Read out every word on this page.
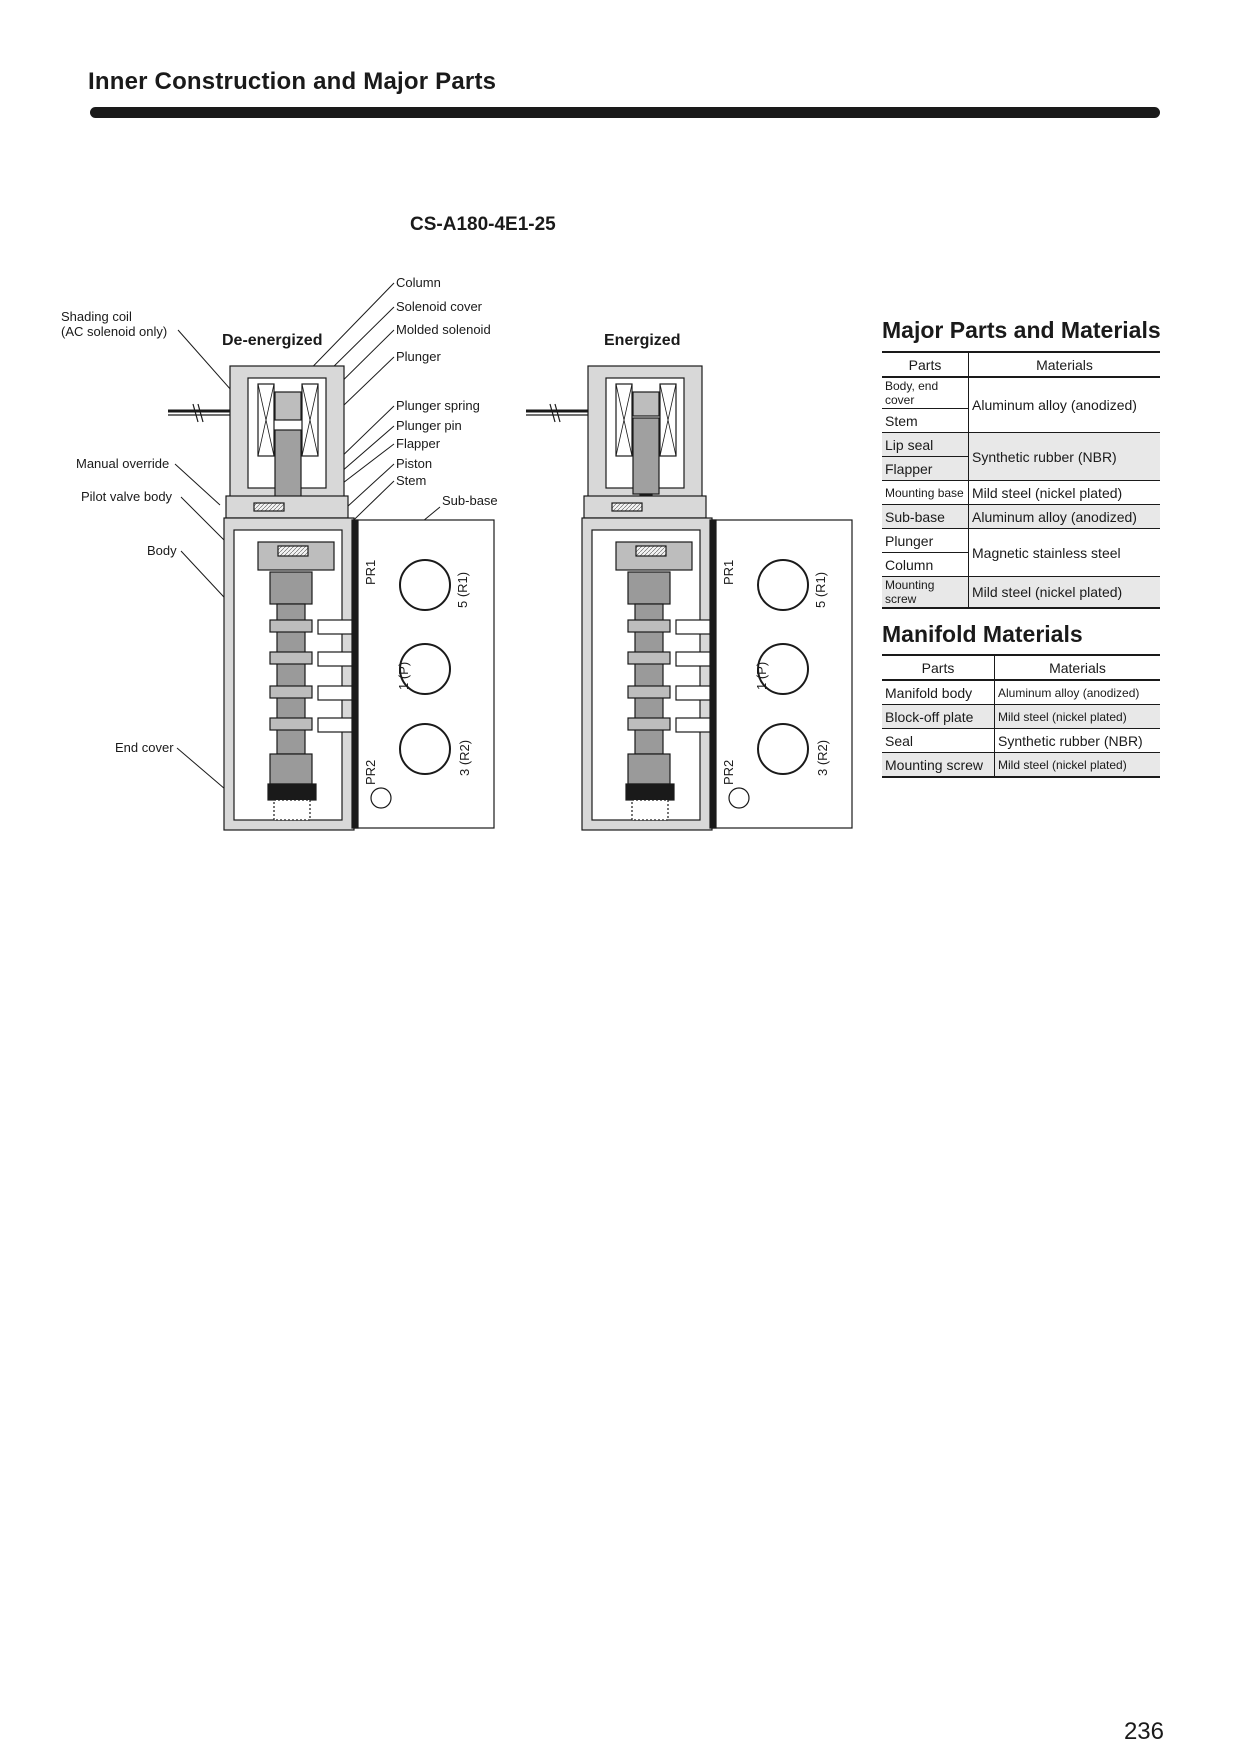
Inner Construction and Major Parts
CS-A180-4E1-25
De-energized	Energized
Shading coil
(AC solenoid only)
Manual override
Pilot valve body
Body
End cover
Column
Solenoid cover
Molded solenoid
Plunger
Plunger spring
Plunger pin
Flapper
Piston
Stem
Sub-base
PR1	5 (R1)
1 (P)
PR2	3 (R2)
PR1	5 (R1)
1 (P)
PR2	3 (R2)
Major Parts and Materials
Parts	Materials
Body, end cover	Aluminum alloy (anodized)
Stem	
Lip seal	Synthetic rubber (NBR)
Flapper	
Mounting base	Mild steel (nickel plated)
Sub-base	Aluminum alloy (anodized)
Plunger	Magnetic stainless steel
Column	
Mounting screw	Mild steel (nickel plated)
Manifold Materials
Parts	Materials
Manifold body	Aluminum alloy (anodized)
Block-off plate	Mild steel (nickel plated)
Seal	Synthetic rubber (NBR)
Mounting screw	Mild steel (nickel plated)
236
